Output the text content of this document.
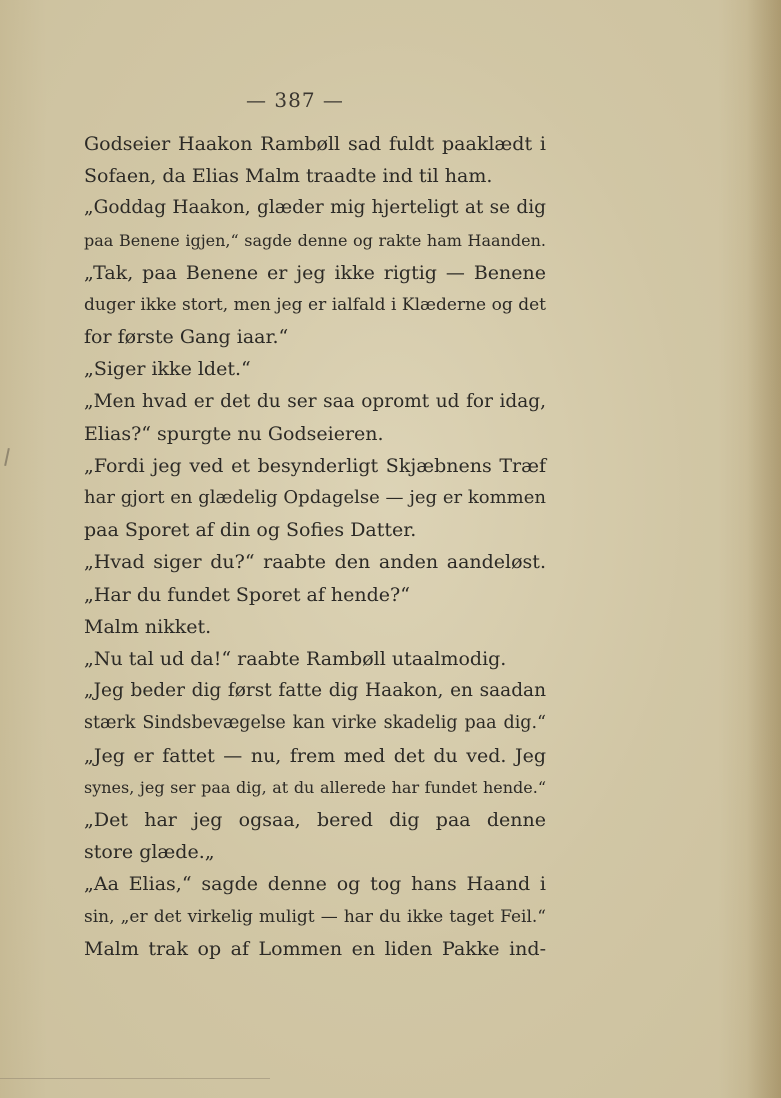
— 387 —
Godseier Haakon Rambøll sad fuldt paaklædt i
Sofaen, da Elias Malm traadte ind til ham.
„Goddag Haakon, glæder mig hjerteligt at se dig
paa Benene igjen,“ sagde denne og rakte ham Haanden.
„Tak, paa Benene er jeg ikke rigtig — Benene
duger ikke stort, men jeg er ialfald i Klæderne og det
for første Gang iaar.“
„Siger ikke ldet.“
„Men hvad er det du ser saa opromt ud for idag,
Elias?“ spurgte nu Godseieren.
„Fordi jeg ved et besynderligt Skjæbnens Træf
har gjort en glædelig Opdagelse — jeg er kommen
paa Sporet af din og Sofies Datter.
„Hvad siger du?“ raabte den anden aandeløst.
„Har du fundet Sporet af hende?“
Malm nikket.
„Nu tal ud da!“ raabte Rambøll utaalmodig.
„Jeg beder dig først fatte dig Haakon, en saadan
stærk Sindsbevægelse kan virke skadelig paa dig.“
„Jeg er fattet — nu, frem med det du ved. Jeg
synes, jeg ser paa dig, at du allerede har fundet hende.“
„Det har jeg ogsaa, bered dig paa denne
store glæde.„
„Aa Elias,“ sagde denne og tog hans Haand i
sin, „er det virkelig muligt — har du ikke taget Feil.“
Malm trak op af Lommen en liden Pakke ind-
